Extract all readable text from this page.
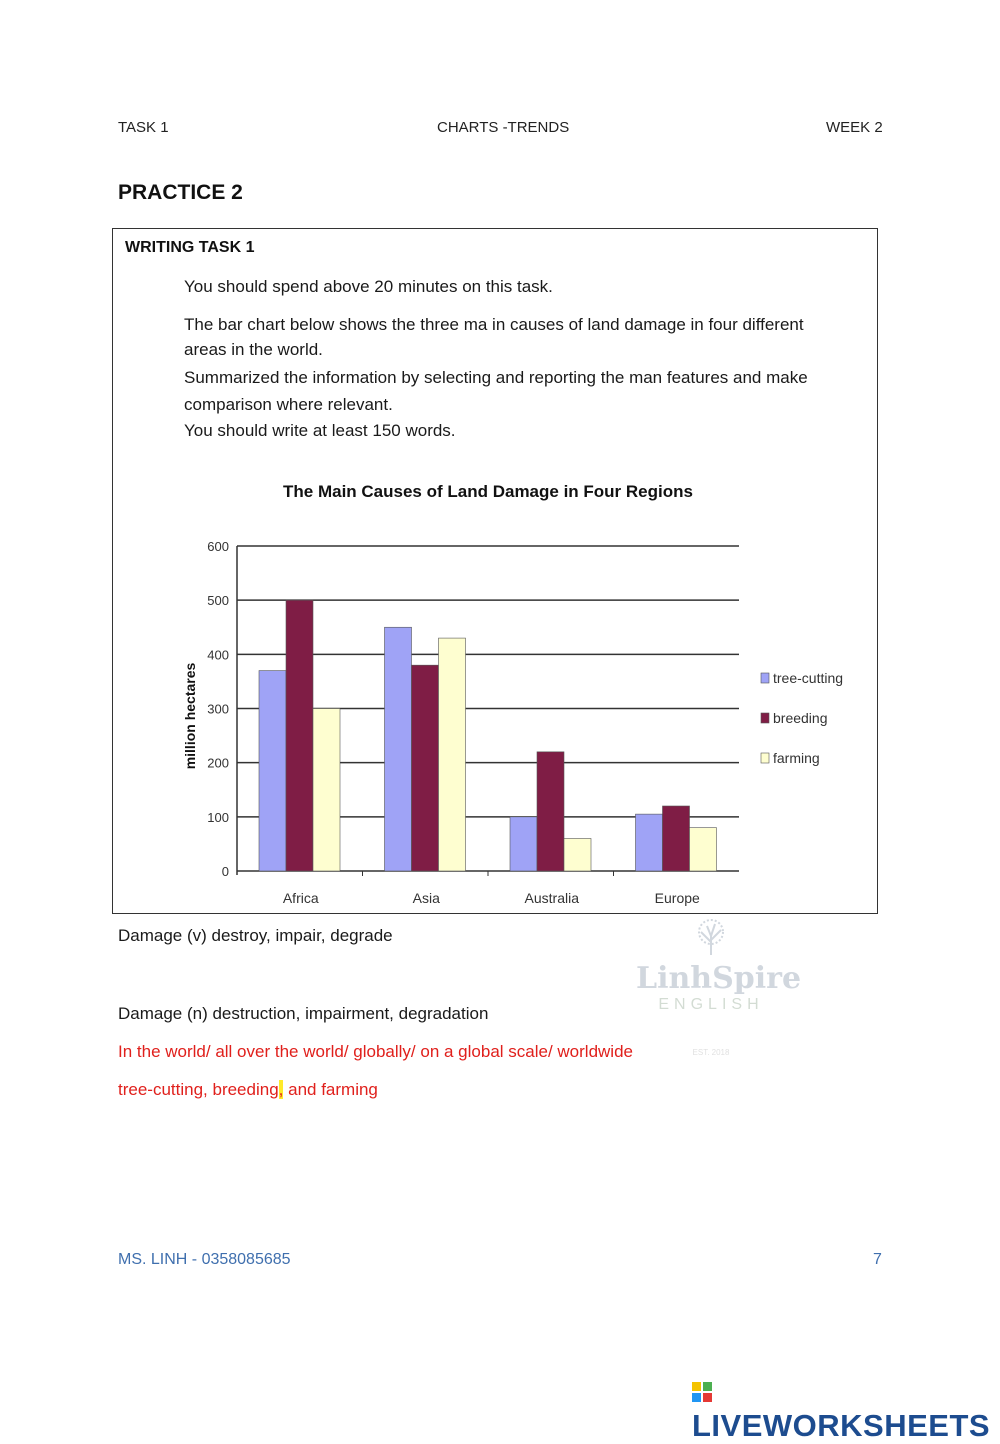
TASK 1	CHARTS -TRENDS	WEEK 2
PRACTICE 2
WRITING TASK 1
You should spend above 20 minutes on this task.
The bar chart below shows the three ma in causes of land damage in four different
areas in the world.
Summarized the information by selecting and reporting the man features and make
comparison where relevant.
You should write at least 150 words.
The Main Causes of Land Damage in Four Regions
million hectares
0
100
200
300
400
500
600
Africa	Asia	Australia	Europe
tree-cutting
breeding
farming
LinhSpire
ENGLISH
EST. 2018
Damage (v) destroy, impair, degrade
Damage (n) destruction, impairment, degradation
In the world/ all over the world/ globally/ on a global scale/ worldwide
tree-cutting, breeding, and farming
MS. LINH - 0358085685	7
LIVEWORKSHEETS
